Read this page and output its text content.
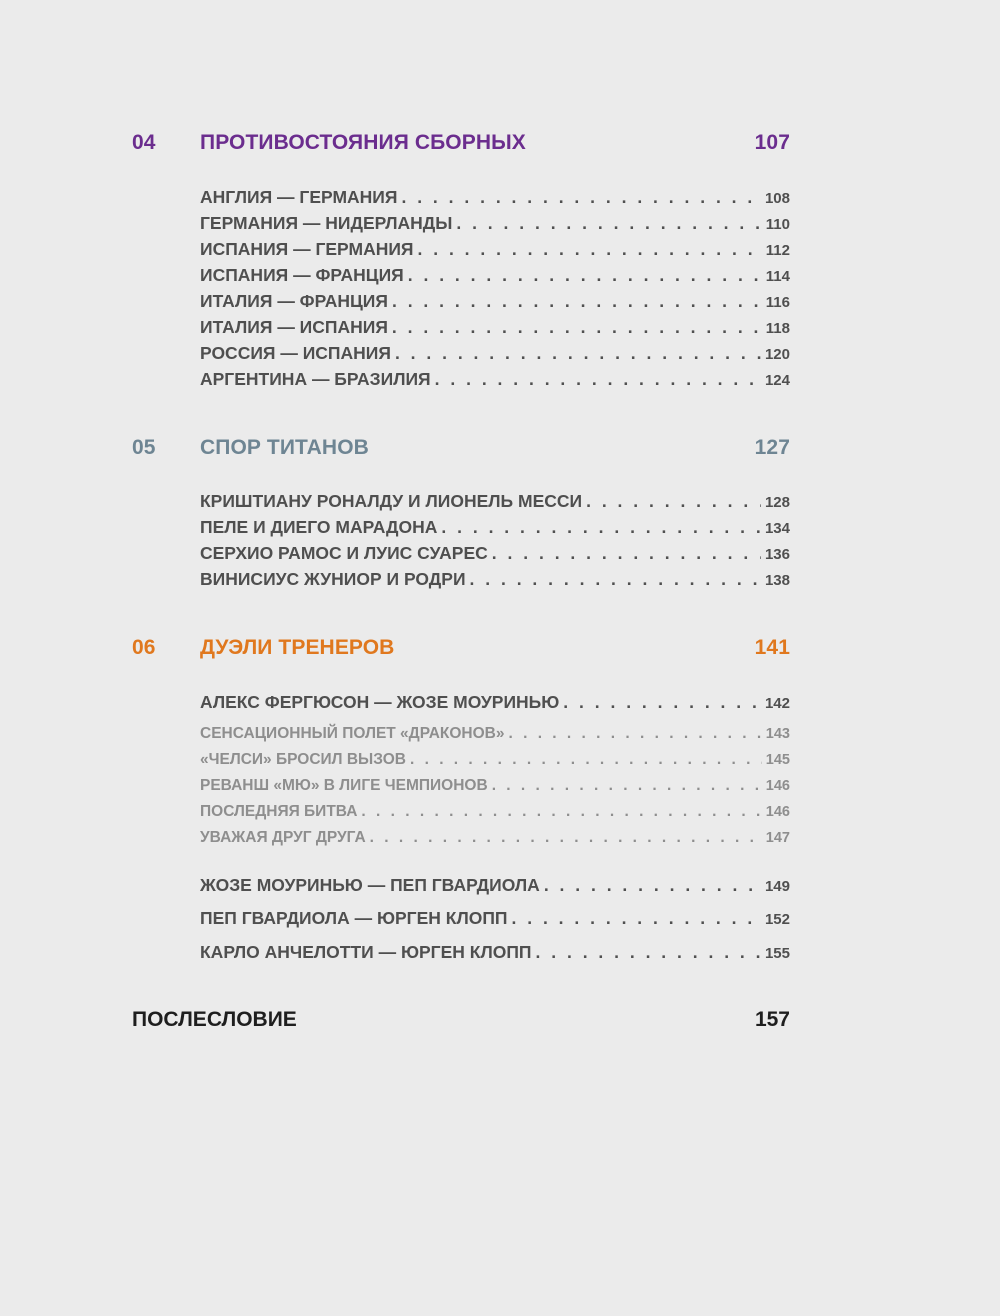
04 ПРОТИВОСТОЯНИЯ СБОРНЫХ	107
АНГЛИЯ — ГЕРМАНИЯ . . .	108
ГЕРМАНИЯ — НИДЕРЛАНДЫ . . .	110
ИСПАНИЯ — ГЕРМАНИЯ . . .	112
ИСПАНИЯ — ФРАНЦИЯ . . .	114
ИТАЛИЯ — ФРАНЦИЯ . . .	116
ИТАЛИЯ — ИСПАНИЯ . . .	118
РОССИЯ — ИСПАНИЯ . . .	120
АРГЕНТИНА — БРАЗИЛИЯ . . .	124
05 СПОР ТИТАНОВ	127
КРИШТИАНУ РОНАЛДУ И ЛИОНЕЛЬ МЕССИ . . .	128
ПЕЛЕ И ДИЕГО МАРАДОНА . . .	134
СЕРХИО РАМОС И ЛУИС СУАРЕС . . .	136
ВИНИСИУС ЖУНИОР И РОДРИ . . .	138
06 ДУЭЛИ ТРЕНЕРОВ	141
АЛЕКС ФЕРГЮСОН — ЖОЗЕ МОУРИНЬЮ . . .	142
СЕНСАЦИОННЫЙ ПОЛЕТ «ДРАКОНОВ» . . .	143
«ЧЕЛСИ» БРОСИЛ ВЫЗОВ . . .	145
РЕВАНШ «МЮ» В ЛИГЕ ЧЕМПИОНОВ . . .	146
ПОСЛЕДНЯЯ БИТВА . . .	146
УВАЖАЯ ДРУГ ДРУГА . . .	147
ЖОЗЕ МОУРИНЬЮ — ПЕП ГВАРДИОЛА . . .	149
ПЕП ГВАРДИОЛА — ЮРГЕН КЛОПП . . .	152
КАРЛО АНЧЕЛОТТИ — ЮРГЕН КЛОПП . . .	155
ПОСЛЕСЛОВИЕ	157
